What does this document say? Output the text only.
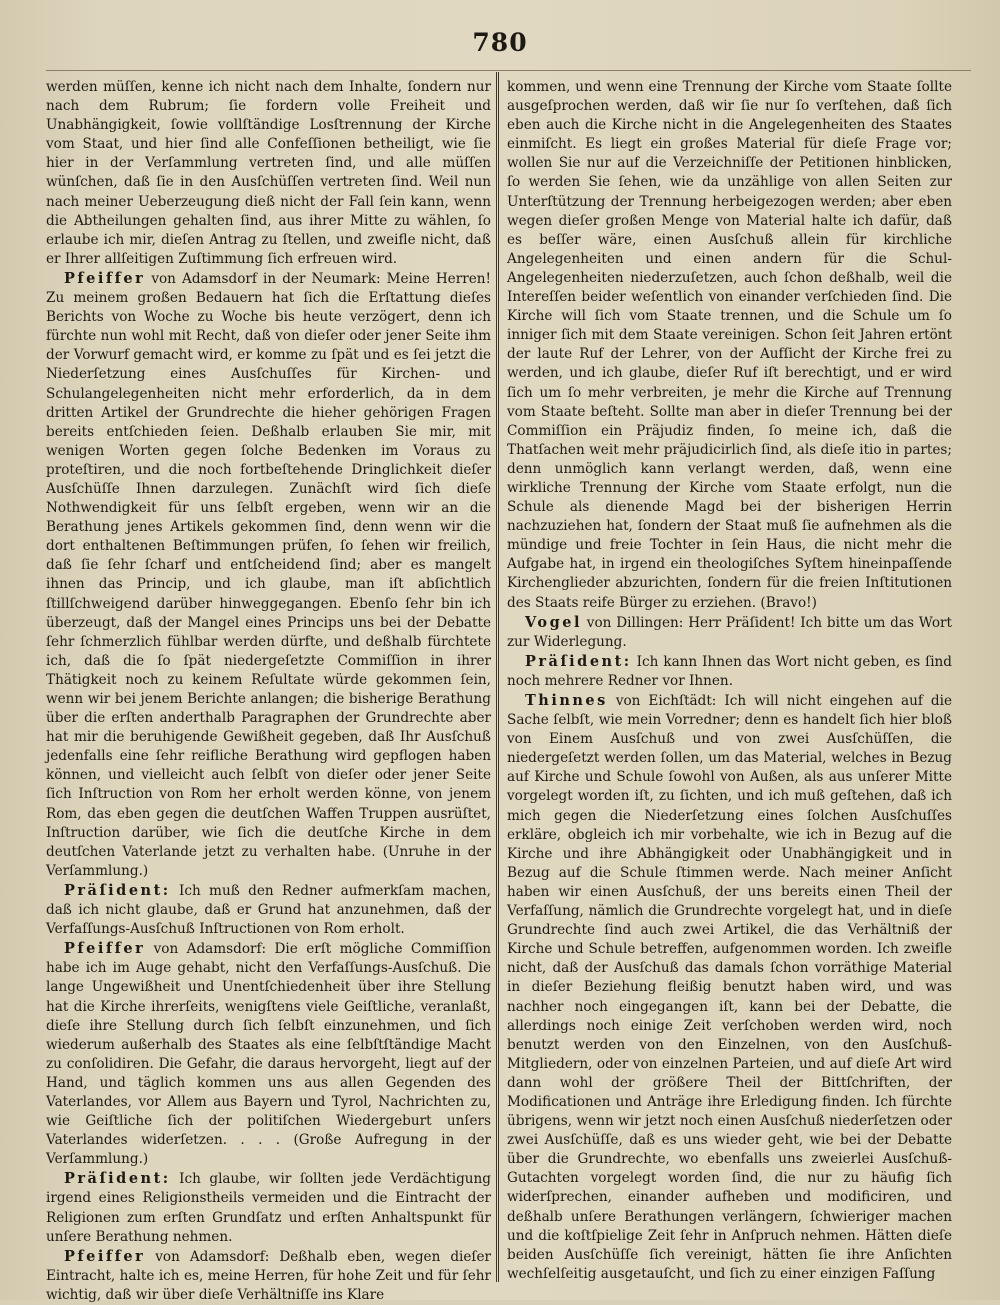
780

werden müſſen, kenne ich nicht nach dem Inhalte, ſondern nur nach dem Rubrum; ſie fordern volle Freiheit und Unabhängigkeit, ſowie vollſtändige Losſtrennung der Kirche vom Staat, und hier ſind alle Confeſſionen betheiligt, wie ſie hier in der Verſammlung vertreten ſind, und alle müſſen wünſchen, daß ſie in den Ausſchüſſen vertreten ſind. Weil nun nach meiner Ueberzeugung dieß nicht der Fall ſein kann, wenn die Abtheilungen gehalten ſind, aus ihrer Mitte zu wählen, ſo erlaube ich mir, dieſen Antrag zu ſtellen, und zweifle nicht, daß er Ihrer allſeitigen Zuſtimmung ſich erfreuen wird.

Pfeiffer von Adamsdorf in der Neumark: Meine Herren! Zu meinem großen Bedauern hat ſich die Erſtattung dieſes Berichts von Woche zu Woche bis heute verzögert, denn ich fürchte nun wohl mit Recht, daß von dieſer oder jener Seite ihm der Vorwurf gemacht wird, er komme zu ſpät und es ſei jetzt die Niederſetzung eines Ausſchuſſes für Kirchen- und Schulangelegenheiten nicht mehr erforderlich, da in dem dritten Artikel der Grundrechte die hieher gehörigen Fragen bereits entſchieden ſeien. Deßhalb erlauben Sie mir, mit wenigen Worten gegen ſolche Bedenken im Voraus zu proteſtiren, und die noch fortbeſtehende Dringlichkeit dieſer Ausſchüſſe Ihnen darzulegen. Zunächſt wird ſich dieſe Nothwendigkeit für uns ſelbſt ergeben, wenn wir an die Berathung jenes Artikels gekommen ſind, denn wenn wir die dort enthaltenen Beſtimmungen prüfen, ſo ſehen wir freilich, daß ſie ſehr ſcharf und entſcheidend ſind; aber es mangelt ihnen das Princip, und ich glaube, man iſt abſichtlich ſtillſchweigend darüber hinweggegangen. Ebenſo ſehr bin ich überzeugt, daß der Mangel eines Princips uns bei der Debatte ſehr ſchmerzlich fühlbar werden dürfte, und deßhalb fürchtete ich, daß die ſo ſpät niedergeſetzte Commiſſion in ihrer Thätigkeit noch zu keinem Reſultate würde gekommen ſein, wenn wir bei jenem Berichte anlangen; die bisherige Berathung über die erſten anderthalb Paragraphen der Grundrechte aber hat mir die beruhigende Gewißheit gegeben, daß Ihr Ausſchuß jedenfalls eine ſehr reifliche Berathung wird gepflogen haben können, und vielleicht auch ſelbſt von dieſer oder jener Seite ſich Inſtruction von Rom her erholt werden könne, von jenem Rom, das eben gegen die deutſchen Waffen Truppen ausrüſtet, Inſtruction darüber, wie ſich die deutſche Kirche in dem deutſchen Vaterlande jetzt zu verhalten habe. (Unruhe in der Verſammlung.)

Präſident: Ich muß den Redner aufmerkſam machen, daß ich nicht glaube, daß er Grund hat anzunehmen, daß der Verfaſſungs-Ausſchuß Inſtructionen von Rom erholt.

Pfeiffer von Adamsdorf: Die erſt mögliche Commiſſion habe ich im Auge gehabt, nicht den Verfaſſungs-Ausſchuß. Die lange Ungewißheit und Unentſchiedenheit über ihre Stellung hat die Kirche ihrerſeits, wenigſtens viele Geiſtliche, veranlaßt, dieſe ihre Stellung durch ſich ſelbſt einzunehmen, und ſich wiederum außerhalb des Staates als eine ſelbſtſtändige Macht zu conſolidiren. Die Gefahr, die daraus hervorgeht, liegt auf der Hand, und täglich kommen uns aus allen Gegenden des Vaterlandes, vor Allem aus Bayern und Tyrol, Nachrichten zu, wie Geiſtliche ſich der politiſchen Wiedergeburt unſers Vaterlandes widerſetzen. . . . (Große Aufregung in der Verſammlung.)

Präſident: Ich glaube, wir ſollten jede Verdächtigung irgend eines Religionstheils vermeiden und die Eintracht der Religionen zum erſten Grundſatz und erſten Anhaltspunkt für unſere Berathung nehmen.

Pfeiffer von Adamsdorf: Deßhalb eben, wegen dieſer Eintracht, halte ich es, meine Herren, für hohe Zeit und für ſehr wichtig, daß wir über dieſe Verhältniſſe ins Klare

kommen, und wenn eine Trennung der Kirche vom Staate ſollte ausgeſprochen werden, daß wir ſie nur ſo verſtehen, daß ſich eben auch die Kirche nicht in die Angelegenheiten des Staates einmiſcht. Es liegt ein großes Material für dieſe Frage vor; wollen Sie nur auf die Verzeichniſſe der Petitionen hinblicken, ſo werden Sie ſehen, wie da unzählige von allen Seiten zur Unterſtützung der Trennung herbeigezogen werden; aber eben wegen dieſer großen Menge von Material halte ich dafür, daß es beſſer wäre, einen Ausſchuß allein für kirchliche Angelegenheiten und einen andern für die Schul-Angelegenheiten niederzuſetzen, auch ſchon deßhalb, weil die Intereſſen beider weſentlich von einander verſchieden ſind. Die Kirche will ſich vom Staate trennen, und die Schule um ſo inniger ſich mit dem Staate vereinigen. Schon ſeit Jahren ertönt der laute Ruf der Lehrer, von der Aufſicht der Kirche frei zu werden, und ich glaube, dieſer Ruf iſt berechtigt, und er wird ſich um ſo mehr verbreiten, je mehr die Kirche auf Trennung vom Staate beſteht. Sollte man aber in dieſer Trennung bei der Commiſſion ein Präjudiz finden, ſo meine ich, daß die Thatſachen weit mehr präjudicirlich ſind, als dieſe itio in partes; denn unmöglich kann verlangt werden, daß, wenn eine wirkliche Trennung der Kirche vom Staate erfolgt, nun die Schule als dienende Magd bei der bisherigen Herrin nachzuziehen hat, ſondern der Staat muß ſie aufnehmen als die mündige und freie Tochter in ſein Haus, die nicht mehr die Aufgabe hat, in irgend ein theologiſches Syſtem hineinpaſſende Kirchenglieder abzurichten, ſondern für die freien Inſtitutionen des Staats reife Bürger zu erziehen. (Bravo!)

Vogel von Dillingen: Herr Präſident! Ich bitte um das Wort zur Widerlegung.

Präſident: Ich kann Ihnen das Wort nicht geben, es ſind noch mehrere Redner vor Ihnen.

Thinnes von Eichſtädt: Ich will nicht eingehen auf die Sache ſelbſt, wie mein Vorredner; denn es handelt ſich hier bloß von Einem Ausſchuß und von zwei Ausſchüſſen, die niedergeſetzt werden ſollen, um das Material, welches in Bezug auf Kirche und Schule ſowohl von Außen, als aus unſerer Mitte vorgelegt worden iſt, zu ſichten, und ich muß geſtehen, daß ich mich gegen die Niederſetzung eines ſolchen Ausſchuſſes erkläre, obgleich ich mir vorbehalte, wie ich in Bezug auf die Kirche und ihre Abhängigkeit oder Unabhängigkeit und in Bezug auf die Schule ſtimmen werde. Nach meiner Anſicht haben wir einen Ausſchuß, der uns bereits einen Theil der Verfaſſung, nämlich die Grundrechte vorgelegt hat, und in dieſe Grundrechte ſind auch zwei Artikel, die das Verhältniß der Kirche und Schule betreffen, aufgenommen worden. Ich zweifle nicht, daß der Ausſchuß das damals ſchon vorräthige Material in dieſer Beziehung fleißig benutzt haben wird, und was nachher noch eingegangen iſt, kann bei der Debatte, die allerdings noch einige Zeit verſchoben werden wird, noch benutzt werden von den Einzelnen, von den Ausſchuß-Mitgliedern, oder von einzelnen Parteien, und auf dieſe Art wird dann wohl der größere Theil der Bittſchriften, der Modificationen und Anträge ihre Erledigung finden. Ich fürchte übrigens, wenn wir jetzt noch einen Ausſchuß niederſetzen oder zwei Ausſchüſſe, daß es uns wieder geht, wie bei der Debatte über die Grundrechte, wo ebenfalls uns zweierlei Ausſchuß-Gutachten vorgelegt worden ſind, die nur zu häufig ſich widerſprechen, einander aufheben und modificiren, und deßhalb unſere Berathungen verlängern, ſchwieriger machen und die koſtſpielige Zeit ſehr in Anſpruch nehmen. Hätten dieſe beiden Ausſchüſſe ſich vereinigt, hätten ſie ihre Anſichten wechſelſeitig ausgetauſcht, und ſich zu einer einzigen Faſſung
